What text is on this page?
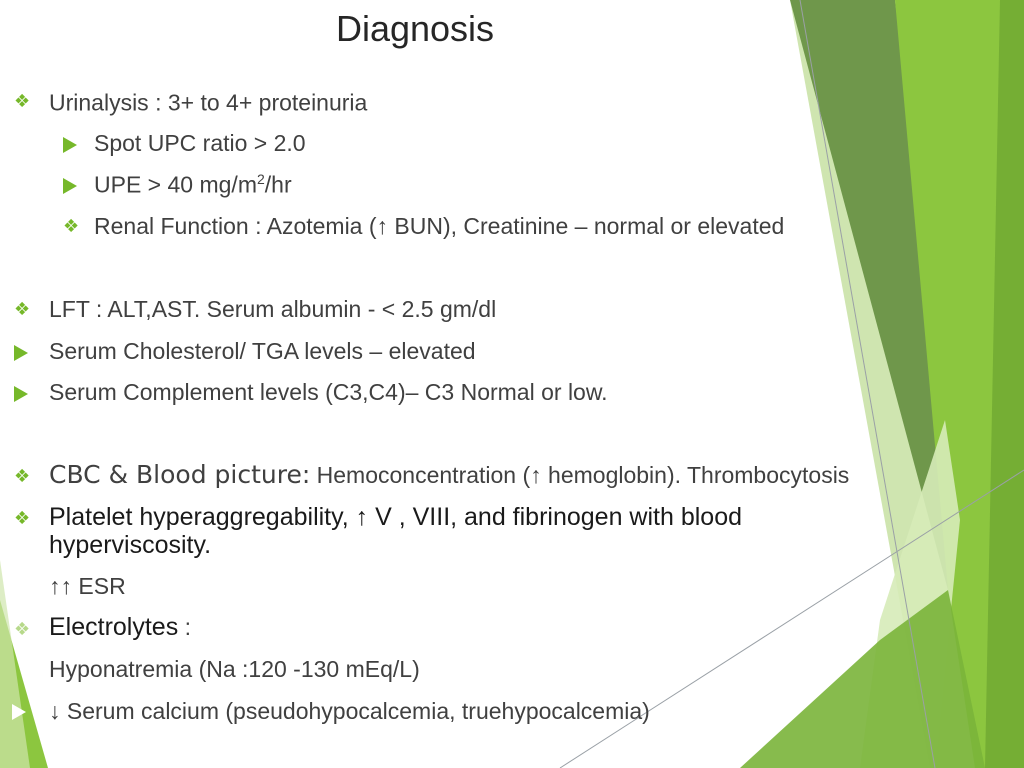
Diagnosis
❖ Urinalysis : 3+ to 4+ proteinuria
Spot UPC ratio > 2.0
UPE > 40 $mg/m^2/hr$
❖ Renal Function : Azotemia (↑ BUN), Creatinine – normal or elevated
❖ LFT : ALT,AST. Serum albumin - < 2.5 gm/dl
Serum Cholesterol/ TGA levels – elevated
Serum Complement levels (C3,C4)– C3 Normal or low.
❖ CBC & Blood picture: Hemoconcentration (↑ hemoglobin). Thrombocytosis
❖ Platelet hyperaggregability, ↑ V , VIII, and fibrinogen with blood
hyperviscosity.
↑↑ ESR
❖ Electrolytes :
Hyponatremia (Na :120 -130 mEq/L)
↓ Serum calcium (pseudohypocalcemia, truehypocalcemia)
